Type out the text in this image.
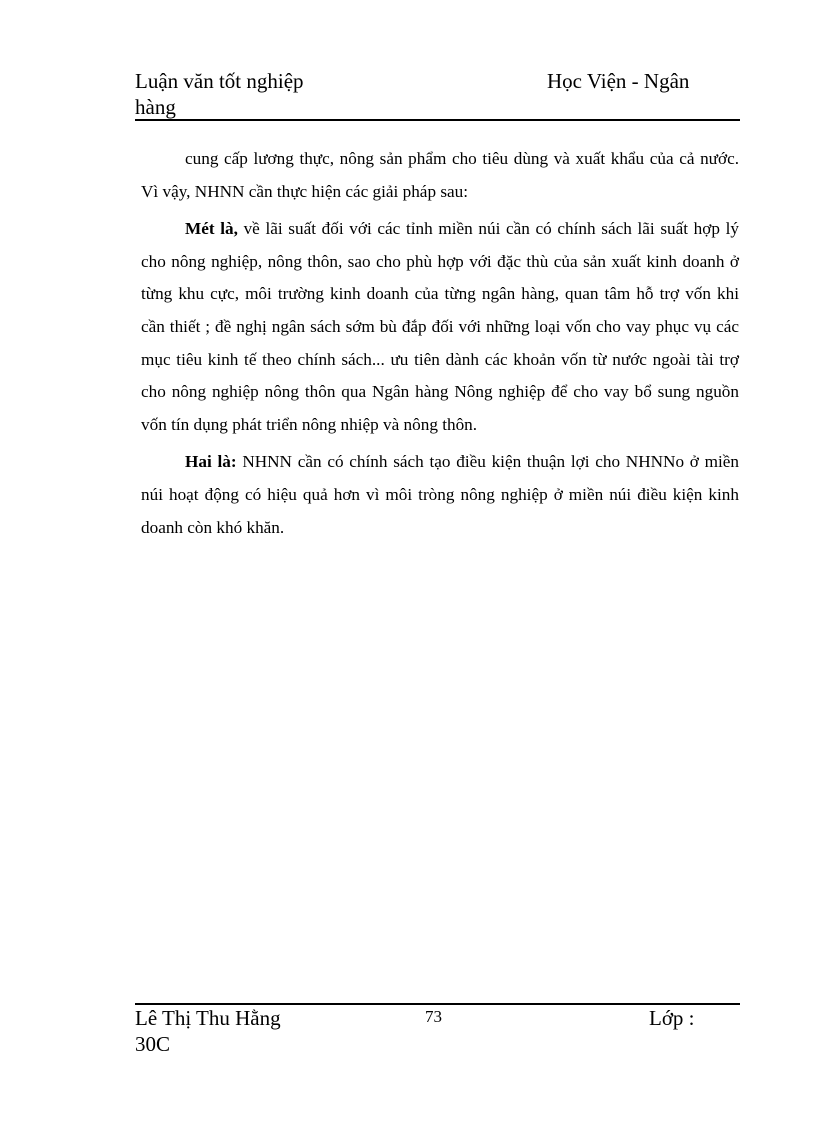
Luận văn tốt nghiệp hàng
Học Viện - Ngân

cung cấp lương thực, nông sản phẩm cho tiêu dùng và xuất khẩu của cả nước. Vì vậy, NHNN cần thực hiện các giải pháp sau:

Mét là, về lãi suất đối với các tỉnh miền núi cần có chính sách lãi suất hợp lý cho nông nghiệp, nông thôn, sao cho phù hợp với đặc thù của sản xuất kinh doanh ở từng khu cực, môi trường kinh doanh của từng ngân hàng, quan tâm hỗ trợ vốn khi cần thiết ; đề nghị ngân sách sớm bù đắp đối với những loại vốn cho vay phục vụ các mục tiêu kinh tế theo chính sách... ưu tiên dành các khoản vốn từ nước ngoài tài trợ cho nông nghiệp nông thôn qua Ngân hàng Nông nghiệp để cho vay bổ sung nguồn vốn tín dụng phát triển nông nhiệp và nông thôn.

Hai là: NHNN cần có chính sách tạo điều kiện thuận lợi cho NHNNo ở miền núi hoạt động có hiệu quả hơn vì môi tròng nông nghiệp ở miền núi điều kiện kinh doanh còn khó khăn.

Lê Thị Thu Hằng 30C
73	Lớp :
